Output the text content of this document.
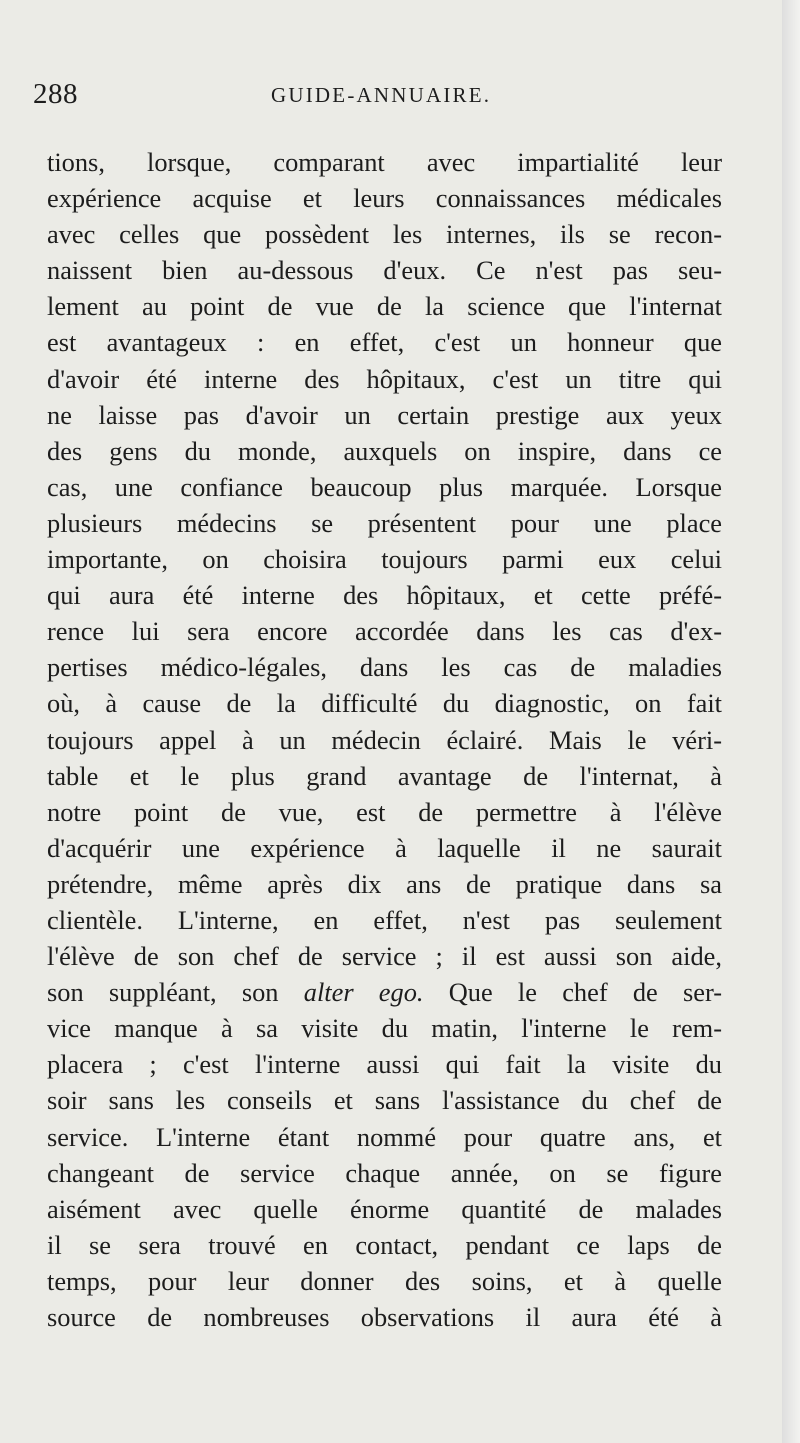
288	GUIDE-ANNUAIRE.
tions, lorsque, comparant avec impartialité leur
expérience acquise et leurs connaissances médicales
avec celles que possèdent les internes, ils se recon-
naissent bien au-dessous d'eux. Ce n'est pas seu-
lement au point de vue de la science que l'internat
est avantageux : en effet, c'est un honneur que
d'avoir été interne des hôpitaux, c'est un titre qui
ne laisse pas d'avoir un certain prestige aux yeux
des gens du monde, auxquels on inspire, dans ce
cas, une confiance beaucoup plus marquée. Lorsque
plusieurs médecins se présentent pour une place
importante, on choisira toujours parmi eux celui
qui aura été interne des hôpitaux, et cette préfé-
rence lui sera encore accordée dans les cas d'ex-
pertises médico-légales, dans les cas de maladies
où, à cause de la difficulté du diagnostic, on fait
toujours appel à un médecin éclairé. Mais le véri-
table et le plus grand avantage de l'internat, à
notre point de vue, est de permettre à l'élève
d'acquérir une expérience à laquelle il ne saurait
prétendre, même après dix ans de pratique dans sa
clientèle. L'interne, en effet, n'est pas seulement
l'élève de son chef de service ; il est aussi son aide,
son suppléant, son alter ego. Que le chef de ser-
vice manque à sa visite du matin, l'interne le rem-
placera ; c'est l'interne aussi qui fait la visite du
soir sans les conseils et sans l'assistance du chef de
service. L'interne étant nommé pour quatre ans, et
changeant de service chaque année, on se figure
aisément avec quelle énorme quantité de malades
il se sera trouvé en contact, pendant ce laps de
temps, pour leur donner des soins, et à quelle
source de nombreuses observations il aura été à
